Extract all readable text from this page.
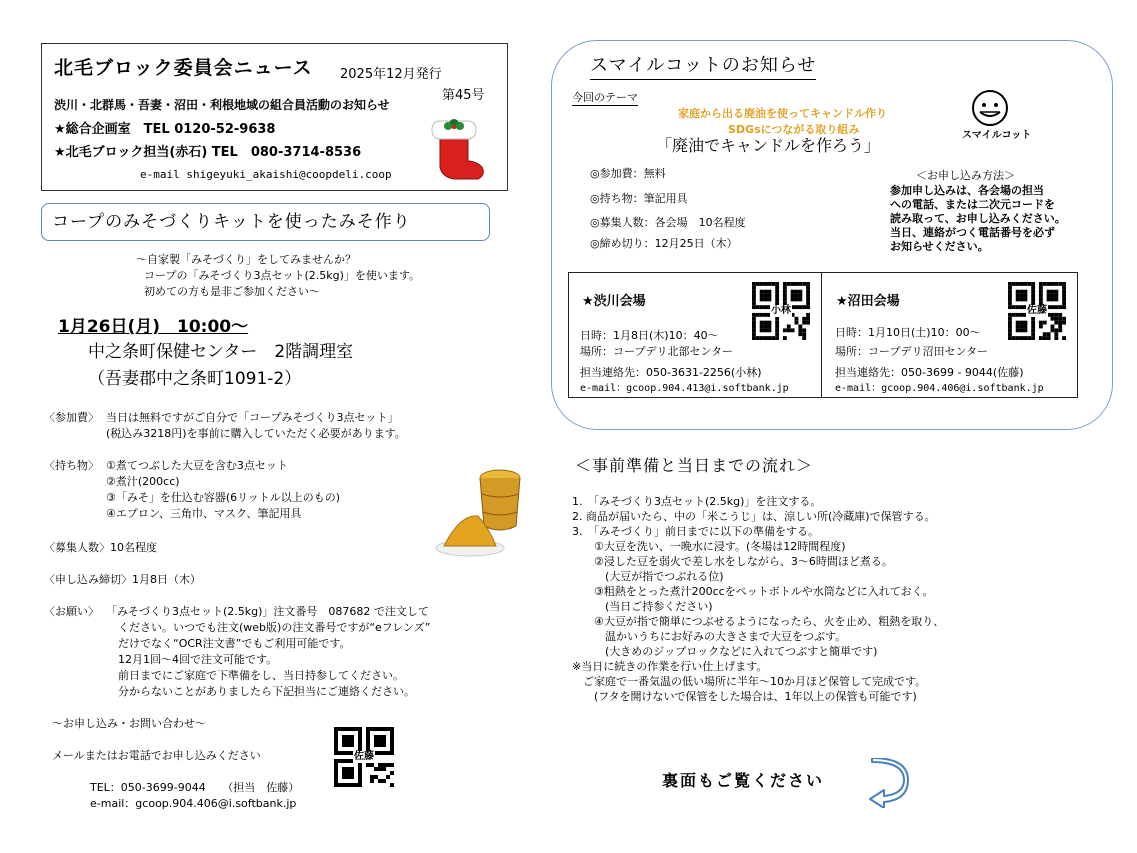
北毛ブロック委員会ニュース 2025年12月発行
第45号
渋川・北群馬・吾妻・沼田・利根地域の組合員活動のお知らせ
★総合企画室　TEL 0120-52-9638
★北毛ブロック担当(赤石) TEL　080-3714-8536
e-mail shigeyuki_akaishi@coopdeli.coop
コープのみそづくりキットを使ったみそ作り
～自家製「みそづくり」をしてみませんか？
コープの「みそづくり3点セット(2.5kg)」を使います。
初めての方も是非ご参加ください～
1月26日(月)　10:00～
中之条町保健センター　2階調理室
（吾妻郡中之条町1091-2）
〈参加費〉 当日は無料ですがご自分で「コープみそづくり3点セット」
(税込み3218円)を事前に購入していただく必要があります。
〈持ち物〉 ①煮てつぶした大豆を含む3点セット
②煮汁(200cc)
③「みそ」を仕込む容器(6リットル以上のもの)
④エプロン、三角巾、マスク、筆記用具
〈募集人数〉10名程度
〈申し込み締切〉1月8日（木）
〈お願い〉 「みそづくり3点セット(2.5kg)」注文番号　087682 で注文して
ください。いつでも注文(web版)の注文番号ですが“eフレンズ”
だけでなく“OCR注文書”でもご利用可能です。
12月1回～4回で注文可能です。
前日までにご家庭で下準備をし、当日持参してください。
分からないことがありましたら下記担当にご連絡ください。
～お申し込み・お問い合わせ～
メールまたはお電話でお申し込みください
TEL：050-3699-9044　　（担当　佐藤）
e-mail：gcoop.904.406@i.softbank.jp
佐藤
スマイルコットのお知らせ
今回のテーマ
家庭から出る廃油を使ってキャンドル作り
SDGsにつながる取り組み
「廃油でキャンドルを作ろう」
スマイルコット
◎参加費：無料
◎持ち物：筆記用具
◎募集人数：各会場　10名程度
◎締め切り：12月25日（木）
＜お申し込み方法＞
参加申し込みは、各会場の担当
への電話、または二次元コードを
読み取って、お申し込みください。
当日、連絡がつく電話番号を必ず
お知らせください。
★渋川会場
日時：1月8日(木)10：40～
場所：コープデリ北部センター
担当連絡先：050-3631-2256(小林)
e-mail：gcoop.904.413@i.softbank.jp
小林
★沼田会場
日時：1月10日(土)10：00～
場所：コープデリ沼田センター
担当連絡先：050-3699 - 9044(佐藤)
e-mail：gcoop.904.406@i.softbank.jp
佐藤
＜事前準備と当日までの流れ＞
1.　「みそづくり3点セット(2.5kg)」を注文する。
2. 商品が届いたら、中の「米こうじ」は、涼しい所(冷蔵庫)で保管する。
3.　「みそづくり」前日までに以下の準備をする。
　　①大豆を洗い、一晩水に浸す。(冬場は12時間程度)
　　②浸した豆を弱火で差し水をしながら、3～6時間ほど煮る。
　　　(大豆が指でつぶれる位)
　　③粗熱をとった煮汁200ccをペットボトルや水筒などに入れておく。
　　　(当日ご持参ください)
　　④大豆が指で簡単につぶせるようになったら、火を止め、粗熱を取り、
　　　温かいうちにお好みの大きさまで大豆をつぶす。
　　　(大きめのジップロックなどに入れてつぶすと簡単です)
※当日に続きの作業を行い仕上げます。
　ご家庭で一番気温の低い場所に半年～10か月ほど保管して完成です。
　　(フタを開けないで保管をした場合は、1年以上の保管も可能です)
裏面もご覧ください
